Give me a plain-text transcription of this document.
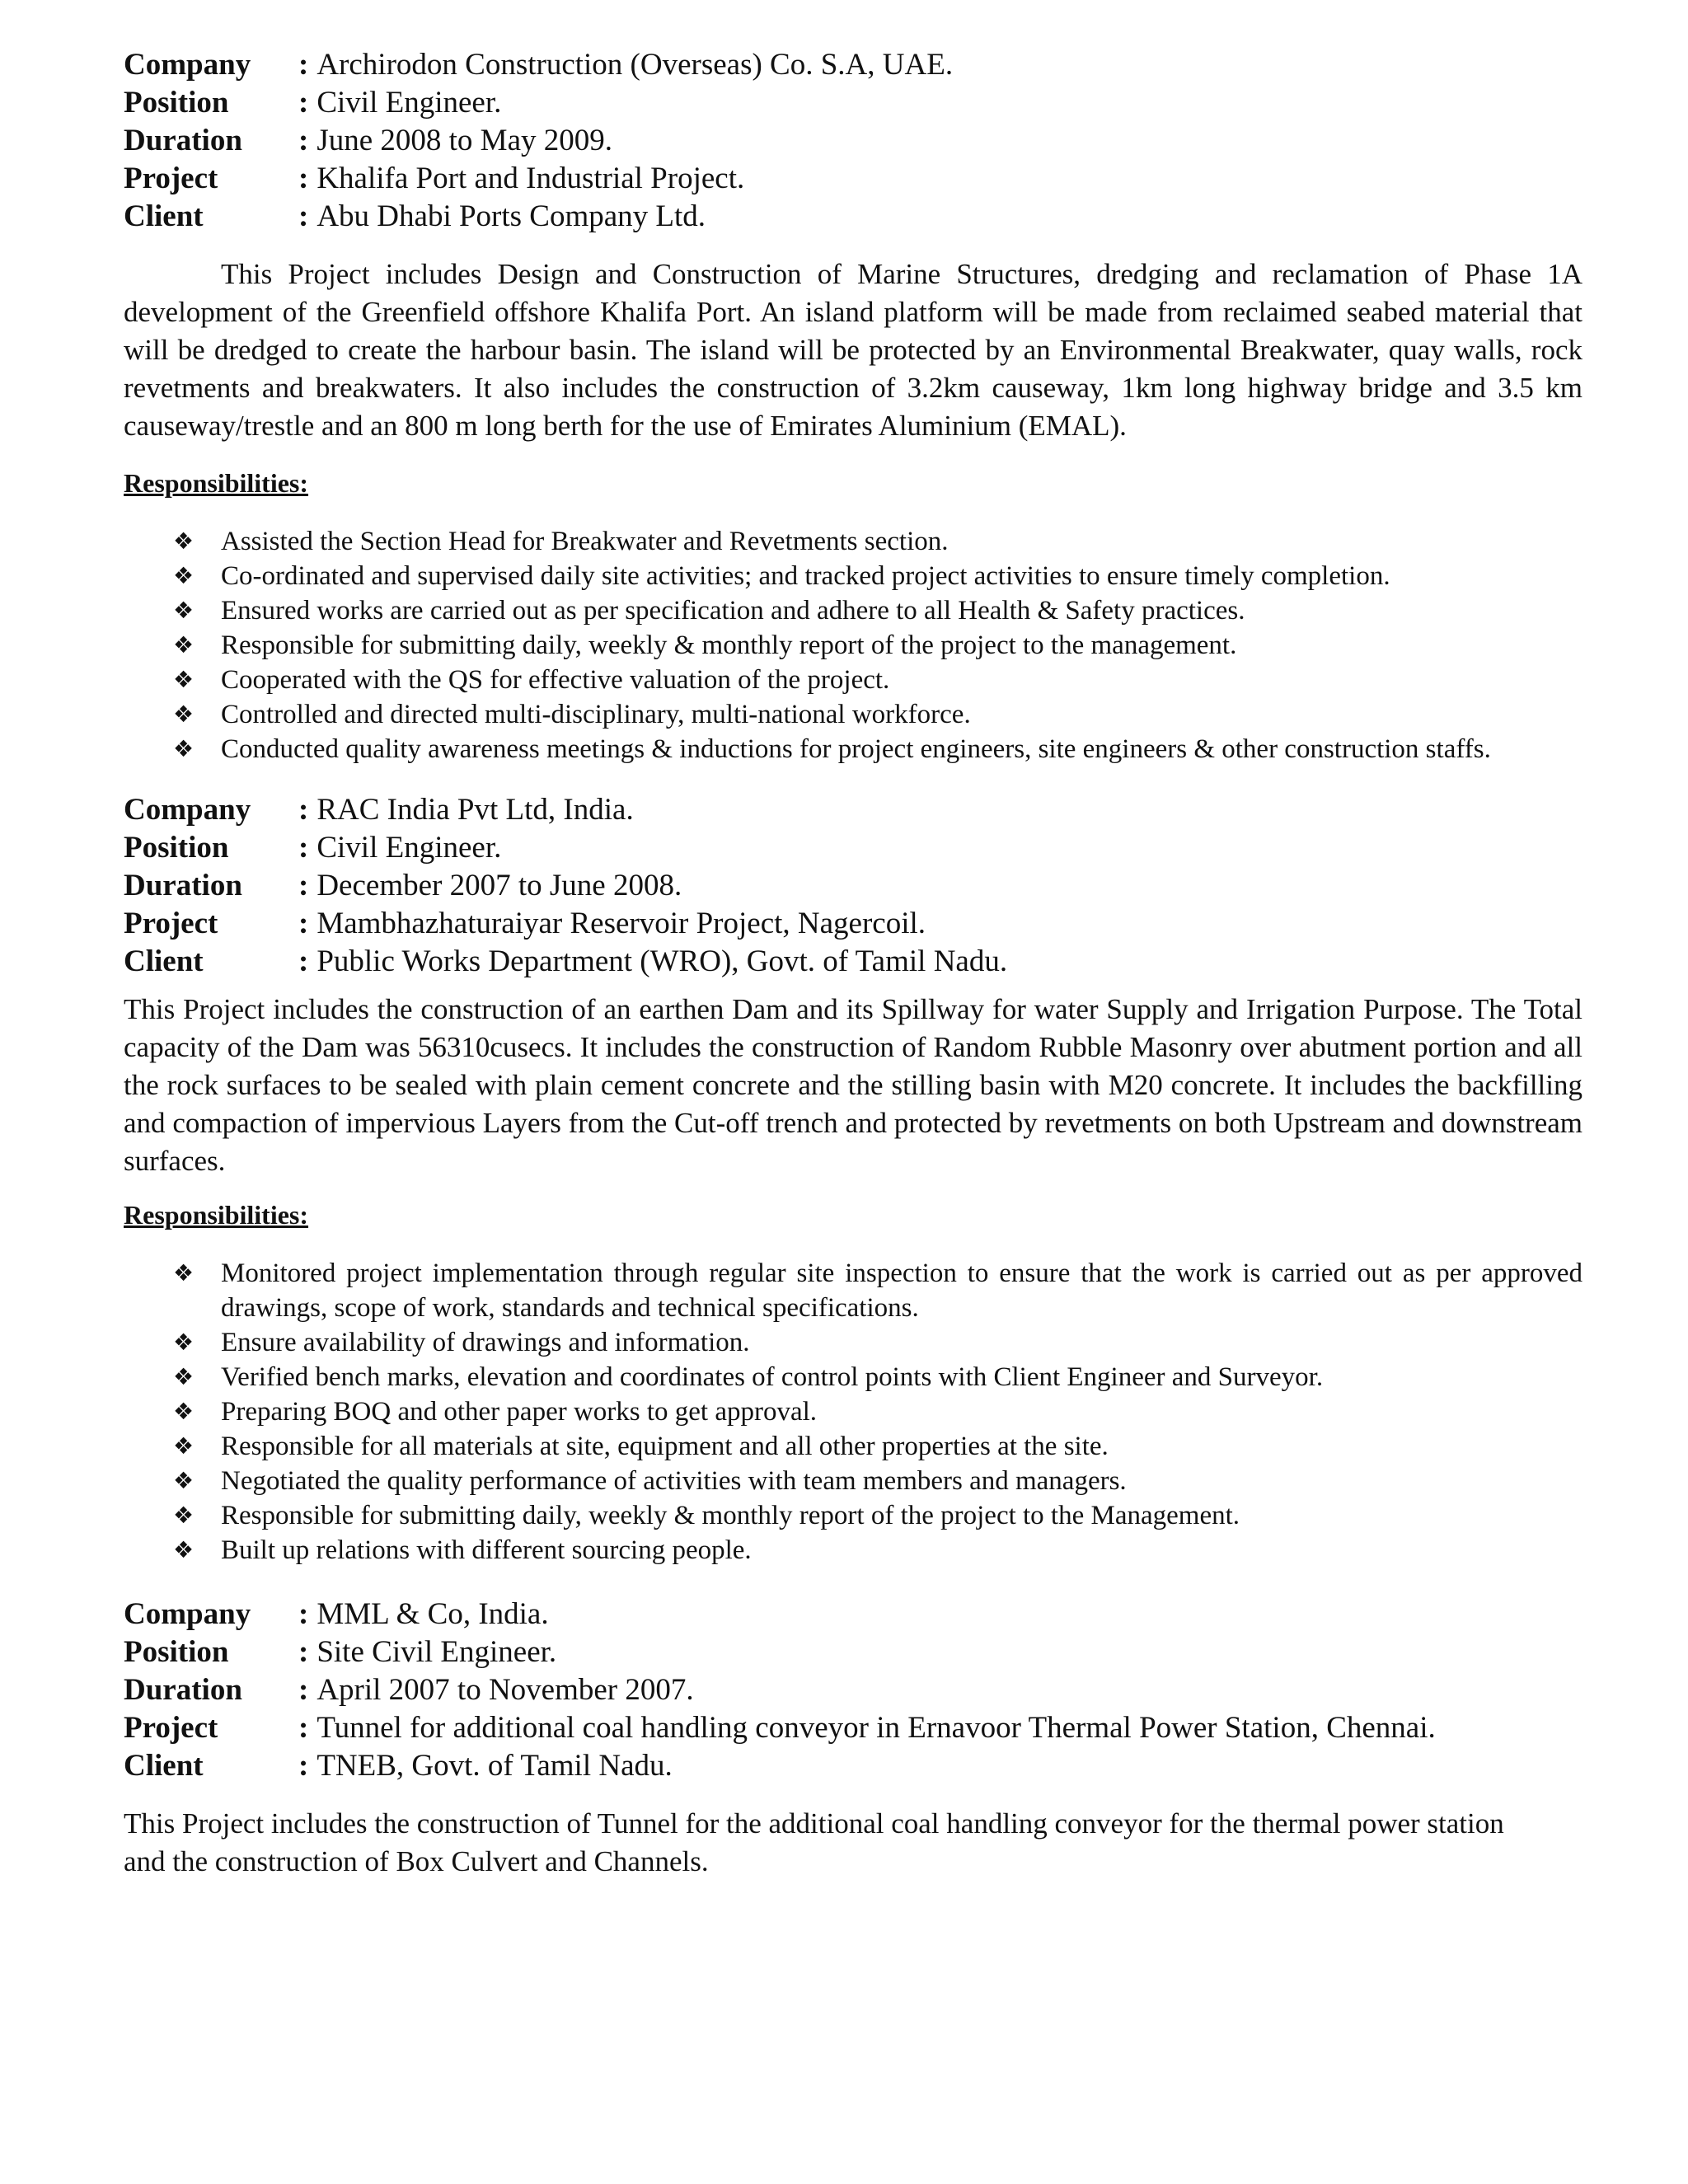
Company	: Archirodon Construction (Overseas) Co. S.A, UAE.
Position	: Civil Engineer.
Duration	: June 2008 to May 2009.
Project	: Khalifa Port and Industrial Project.
Client	: Abu Dhabi Ports Company Ltd.

This Project includes Design and Construction of Marine Structures, dredging and reclamation of Phase 1A development of the Greenfield offshore Khalifa Port. An island platform will be made from reclaimed seabed material that will be dredged to create the harbour basin. The island will be protected by an Environmental Breakwater, quay walls, rock revetments and breakwaters. It also includes the construction of 3.2km causeway, 1km long highway bridge and 3.5 km causeway/trestle and an 800 m long berth for the use of Emirates Aluminium (EMAL).

Responsibilities:

❖ Assisted the Section Head for Breakwater and Revetments section.
❖ Co-ordinated and supervised daily site activities; and tracked project activities to ensure timely completion.
❖ Ensured works are carried out as per specification and adhere to all Health & Safety practices.
❖ Responsible for submitting daily, weekly & monthly report of the project to the management.
❖ Cooperated with the QS for effective valuation of the project.
❖ Controlled and directed multi-disciplinary, multi-national workforce.
❖ Conducted quality awareness meetings & inductions for project engineers, site engineers & other construction staffs.
Company	: RAC India Pvt Ltd, India.
Position	: Civil Engineer.
Duration	: December 2007 to June 2008.
Project	: Mambhazhaturaiyar Reservoir Project, Nagercoil.
Client	: Public Works Department (WRO), Govt. of Tamil Nadu.

This Project includes the construction of an earthen Dam and its Spillway for water Supply and Irrigation Purpose. The Total capacity of the Dam was 56310cusecs. It includes the construction of Random Rubble Masonry over abutment portion and all the rock surfaces to be sealed with plain cement concrete and the stilling basin with M20 concrete. It includes the backfilling and compaction of impervious Layers from the Cut-off trench and protected by revetments on both Upstream and downstream surfaces.

Responsibilities:

❖ Monitored project implementation through regular site inspection to ensure that the work is carried out as per approved drawings, scope of work, standards and technical specifications.
❖ Ensure availability of drawings and information.
❖ Verified bench marks, elevation and coordinates of control points with Client Engineer and Surveyor.
❖ Preparing BOQ and other paper works to get approval.
❖ Responsible for all materials at site, equipment and all other properties at the site.
❖ Negotiated the quality performance of activities with team members and managers.
❖ Responsible for submitting daily, weekly & monthly report of the project to the Management.
❖ Built up relations with different sourcing people.
Company	: MML & Co, India.
Position	: Site Civil Engineer.
Duration	: April 2007 to November 2007.
Project	: Tunnel for additional coal handling conveyor in Ernavoor Thermal Power Station, Chennai.
Client	: TNEB, Govt. of Tamil Nadu.

This Project includes the construction of Tunnel for the additional coal handling conveyor for the thermal power station and the construction of Box Culvert and Channels.
